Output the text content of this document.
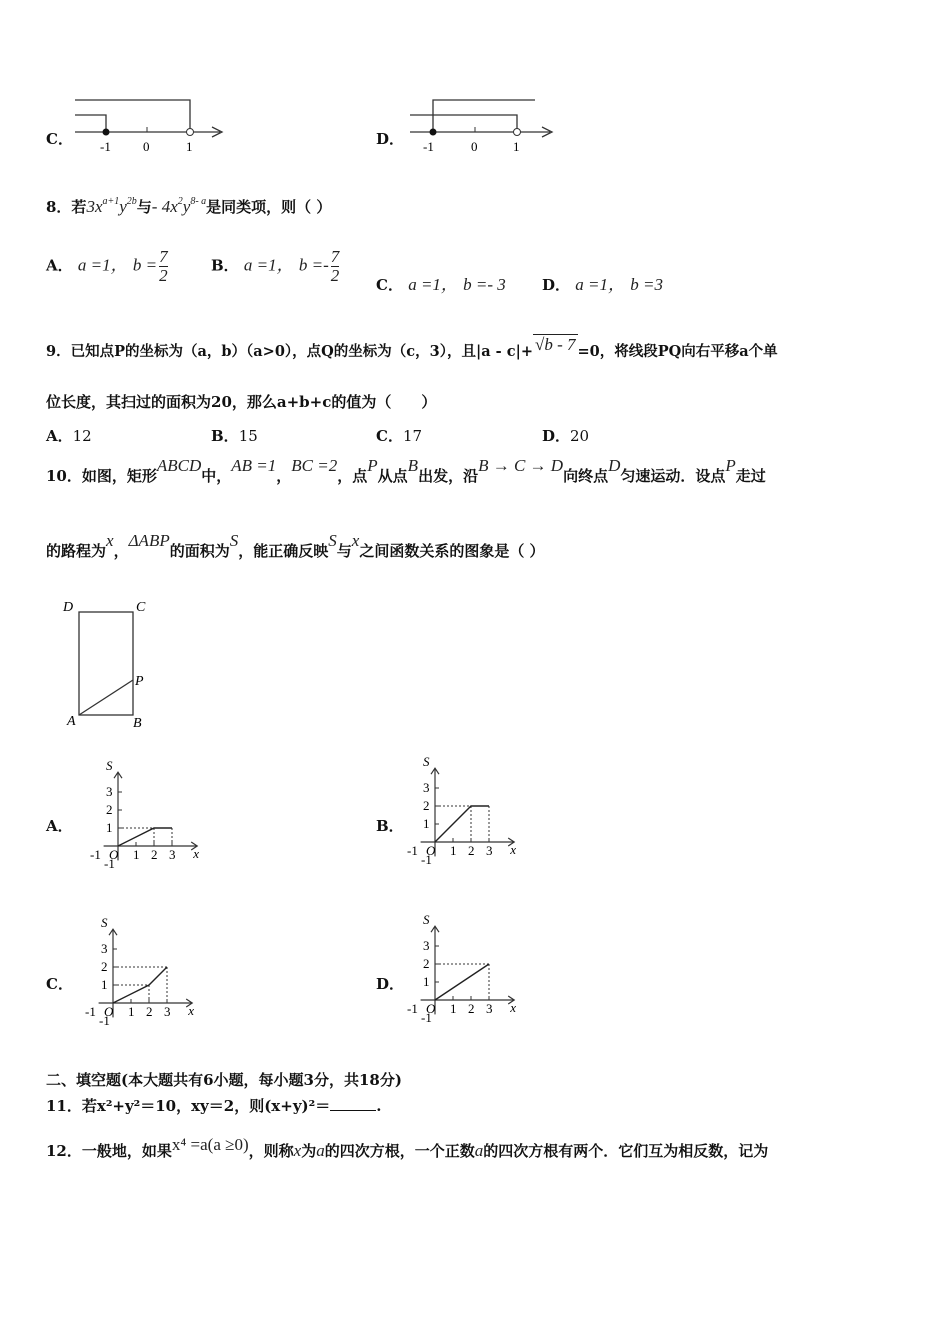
C． -1 0	1	D． -1	0	1
8．若$3x^{a+1}y^{2b}$与- $4x^2y^{8- a}$是同类项，则（ ）
A． a =1， $b = \frac{7}{2}$	B． a =1， $b =- \frac{7}{2}$ C． a =1， b =- 3 D． a =1， b =3
9．已知点P的坐标为（a，b）（a>0），点Q的坐标为（c，3），且|a - c|+ √b - 7 =0，将线段PQ向右平移a个单
位长度，其扫过的面积为20，那么a+b+c的值为（　　）
A．12	B．15	C．17	D．20
10．如图，矩形ABCD中，AB =1，BC =2，点P从点B出发，沿B → C → D向终点D匀速运动．设点P走过
的路程为x，ΔABP的面积为S，能正确反映S与x之间函数关系的图象是（ ）
D	C
P
A	B
A．	B．
C．	D．
1
1
2
2
3
3
-1
-1
O
S
x	1
1
2
2
3
3
-1
-1
O
S
x
1
1
2
2
3
3
-1
-1
O
S
x	1
1
2
2
3
3
-1
-1
O
S
x
二、填空题(本大题共有6小题，每小题3分，共18分)
11．若x²+y²＝10，xy＝2，则(x+y)²＝	.
12．一般地，如果x⁴ =a(a ≥0)，则称x为a的四次方根，一个正数a的四次方根有两个．它们互为相反数，记为
